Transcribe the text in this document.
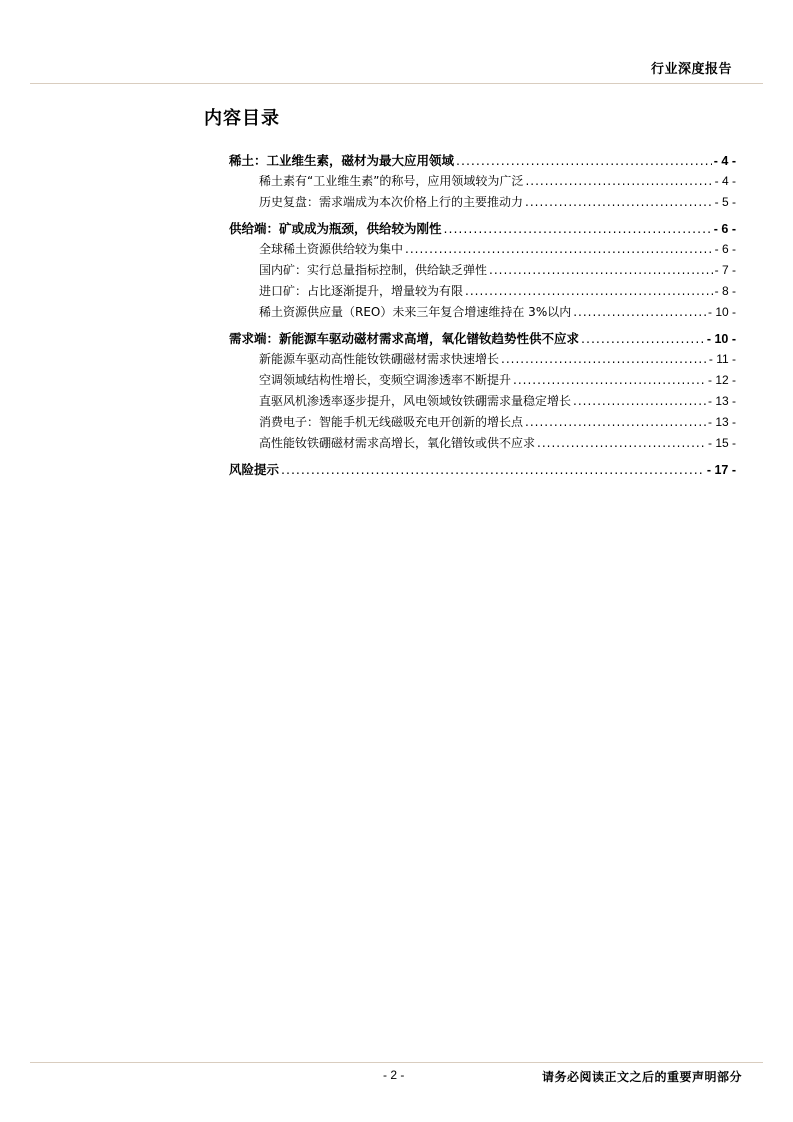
行业深度报告
内容目录
稀土：工业维生素，磁材为最大应用领域 .....	- 4 -
稀土素有“工业维生素”的称号，应用领域较为广泛 .....	- 4 -
历史复盘：需求端成为本次价格上行的主要推动力 .....	- 5 -
供给端：矿或成为瓶颈，供给较为刚性 .....	- 6 -
全球稀土资源供给较为集中 .....	- 6 -
国内矿：实行总量指标控制，供给缺乏弹性 .....	- 7 -
进口矿：占比逐渐提升，增量较为有限 .....	- 8 -
稀土资源供应量（REO）未来三年复合增速维持在 3%以内 .....	- 10 -
需求端：新能源车驱动磁材需求高增，氧化镨钕趋势性供不应求 .....	- 10 -
新能源车驱动高性能钕铁硼磁材需求快速增长 .....	- 11 -
空调领域结构性增长，变频空调渗透率不断提升 .....	- 12 -
直驱风机渗透率逐步提升，风电领域钕铁硼需求量稳定增长 .....	- 13 -
消费电子：智能手机无线磁吸充电开创新的增长点 .....	- 13 -
高性能钕铁硼磁材需求高增长，氧化镨钕或供不应求 .....	- 15 -
风险提示 .....	- 17 -
- 2 -	请务必阅读正文之后的重要声明部分
